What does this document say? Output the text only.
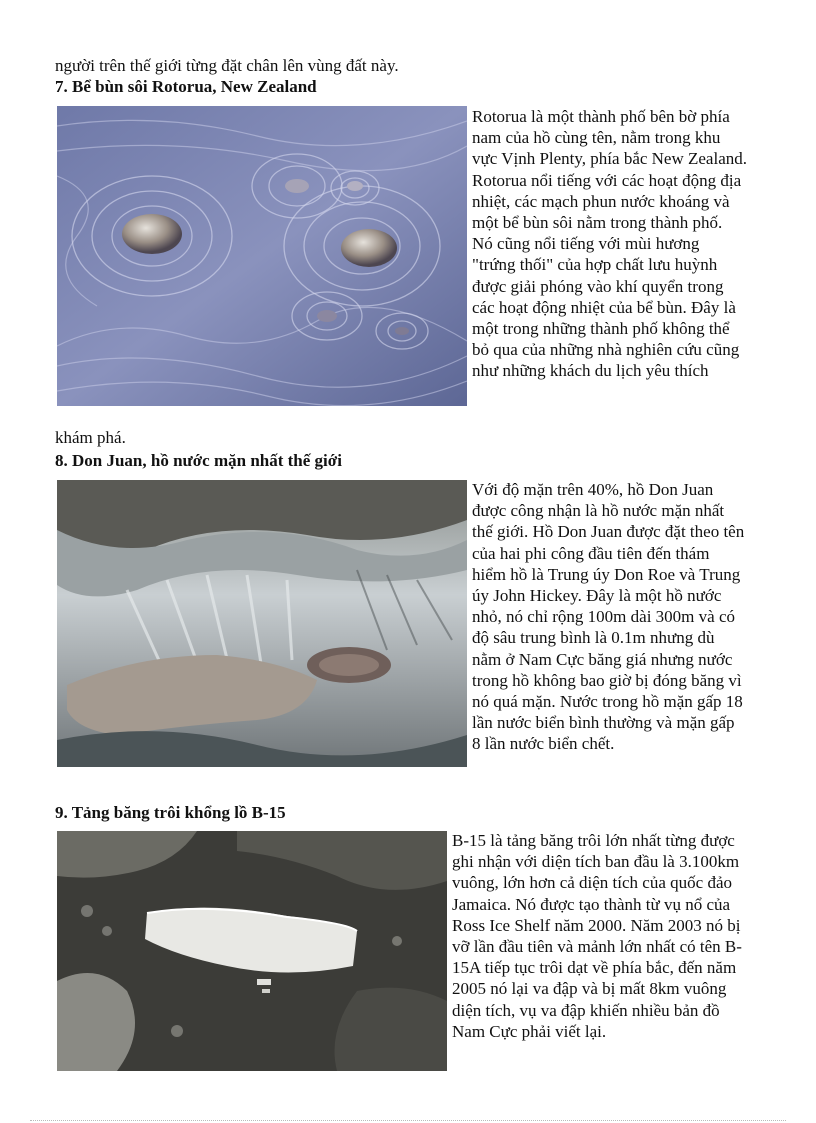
người trên thế giới từng đặt chân lên vùng đất này.
7. Bể bùn sôi Rotorua, New Zealand
Rotorua là một thành phố bên bờ phía nam của hồ cùng tên, nằm trong khu vực Vịnh Plenty, phía bắc New Zealand. Rotorua nổi tiếng với các hoạt động địa nhiệt, các mạch phun nước khoáng và một bể bùn sôi nằm trong thành phố. Nó cũng nổi tiếng với mùi hương "trứng thối" của hợp chất lưu huỳnh được giải phóng vào khí quyển trong các hoạt động nhiệt của bể bùn. Đây là một trong những thành phố không thể bỏ qua của những nhà nghiên cứu cũng như những khách du lịch yêu thích
khám phá.
8. Don Juan, hồ nước mặn nhất thế giới
Với độ mặn trên 40%, hồ Don Juan được công nhận là hồ nước mặn nhất thế giới. Hồ Don Juan được đặt theo tên của hai phi công đầu tiên đến thám hiểm hồ là Trung úy Don Roe và Trung úy John Hickey. Đây là một hồ nước nhỏ, nó chỉ rộng 100m dài 300m và có độ sâu trung bình là 0.1m nhưng dù nằm ở Nam Cực băng giá nhưng nước trong hồ không bao giờ bị đóng băng vì nó quá mặn. Nước trong hồ mặn gấp 18 lần nước biển bình thường và mặn gấp 8 lần nước biển chết.
9. Tảng băng trôi khổng lồ B-15
B-15 là tảng băng trôi lớn nhất từng được ghi nhận với diện tích ban đầu là 3.100km vuông, lớn hơn cả diện tích của quốc đảo Jamaica. Nó được tạo thành từ vụ nổ của Ross Ice Shelf năm 2000. Năm 2003 nó bị vỡ lần đầu tiên và mảnh lớn nhất có tên B-15A tiếp tục trôi dạt về phía bắc, đến năm 2005 nó lại va đập và bị mất 8km vuông diện tích, vụ va đập khiến nhiều bản đồ Nam Cực phải viết lại.
